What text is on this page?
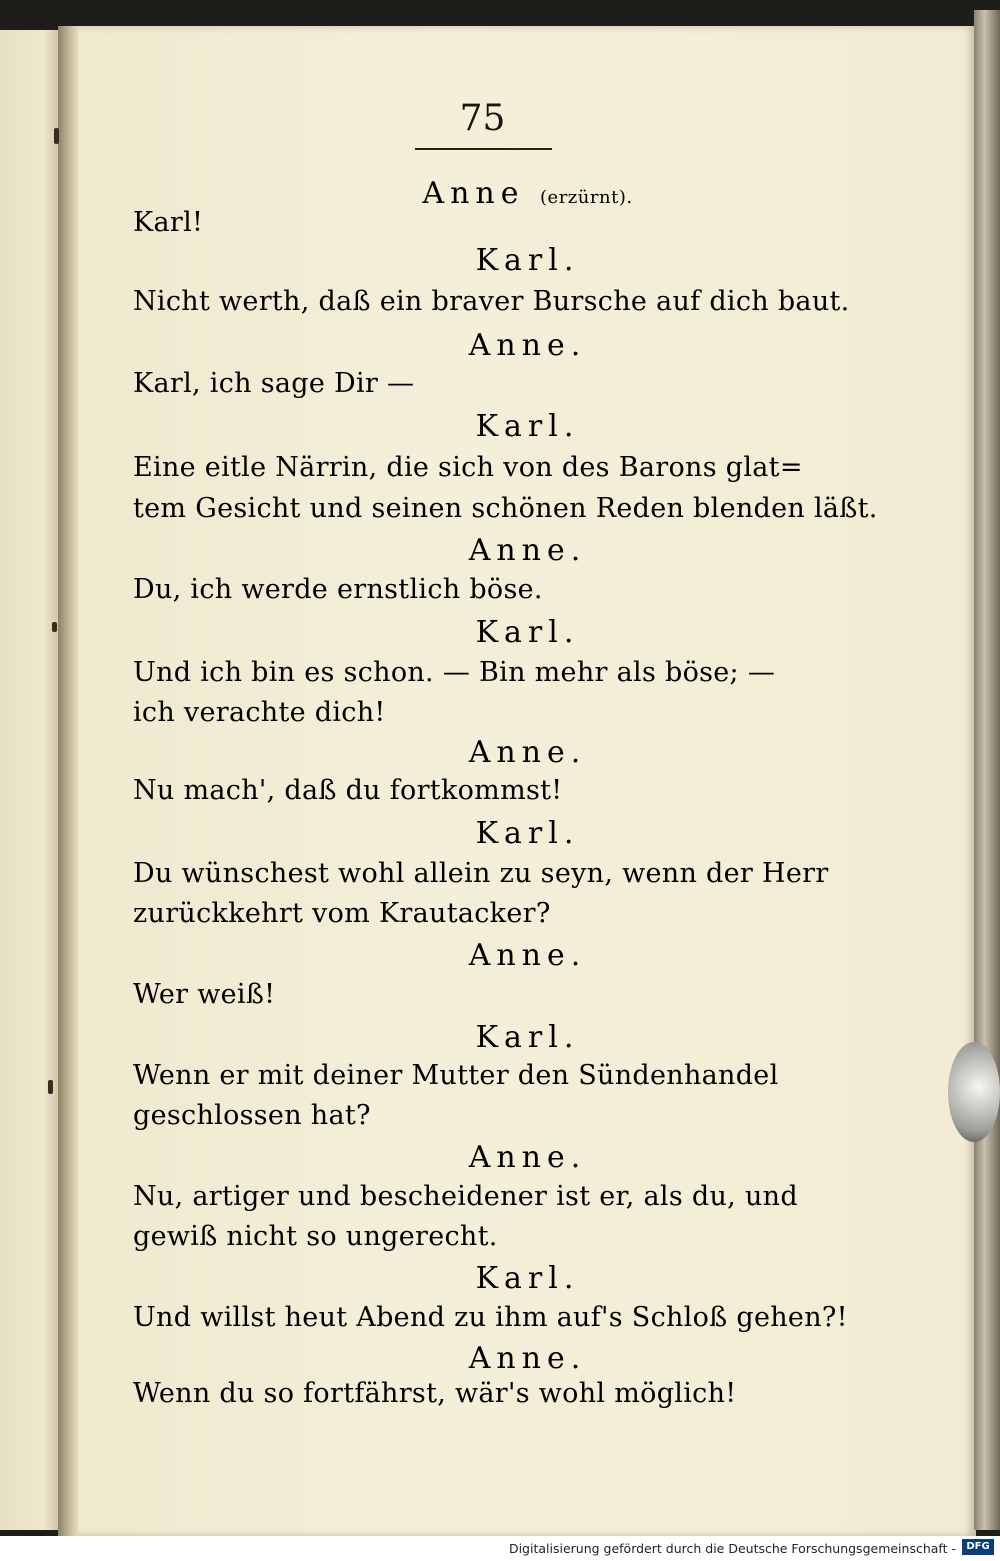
75
Anne (erzürnt).
Karl!
Karl.
Nicht werth, daß ein braver Bursche auf dich baut.
Anne.
Karl, ich sage Dir —
Karl.
Eine eitle Närrin, die sich von des Barons glat=
tem Gesicht und seinen schönen Reden blenden läßt.
Anne.
Du, ich werde ernstlich böse.
Karl.
Und ich bin es schon. — Bin mehr als böse; —
ich verachte dich!
Anne.
Nu mach', daß du fortkommst!
Karl.
Du wünschest wohl allein zu seyn, wenn der Herr
zurückkehrt vom Krautacker?
Anne.
Wer weiß!
Karl.
Wenn er mit deiner Mutter den Sündenhandel
geschlossen hat?
Anne.
Nu, artiger und bescheidener ist er, als du, und
gewiß nicht so ungerecht.
Karl.
Und willst heut Abend zu ihm auf's Schloß gehen?!
Anne.
Wenn du so fortfährst, wär's wohl möglich!
Digitalisierung gefördert durch die Deutsche Forschungsgemeinschaft -	DFG
